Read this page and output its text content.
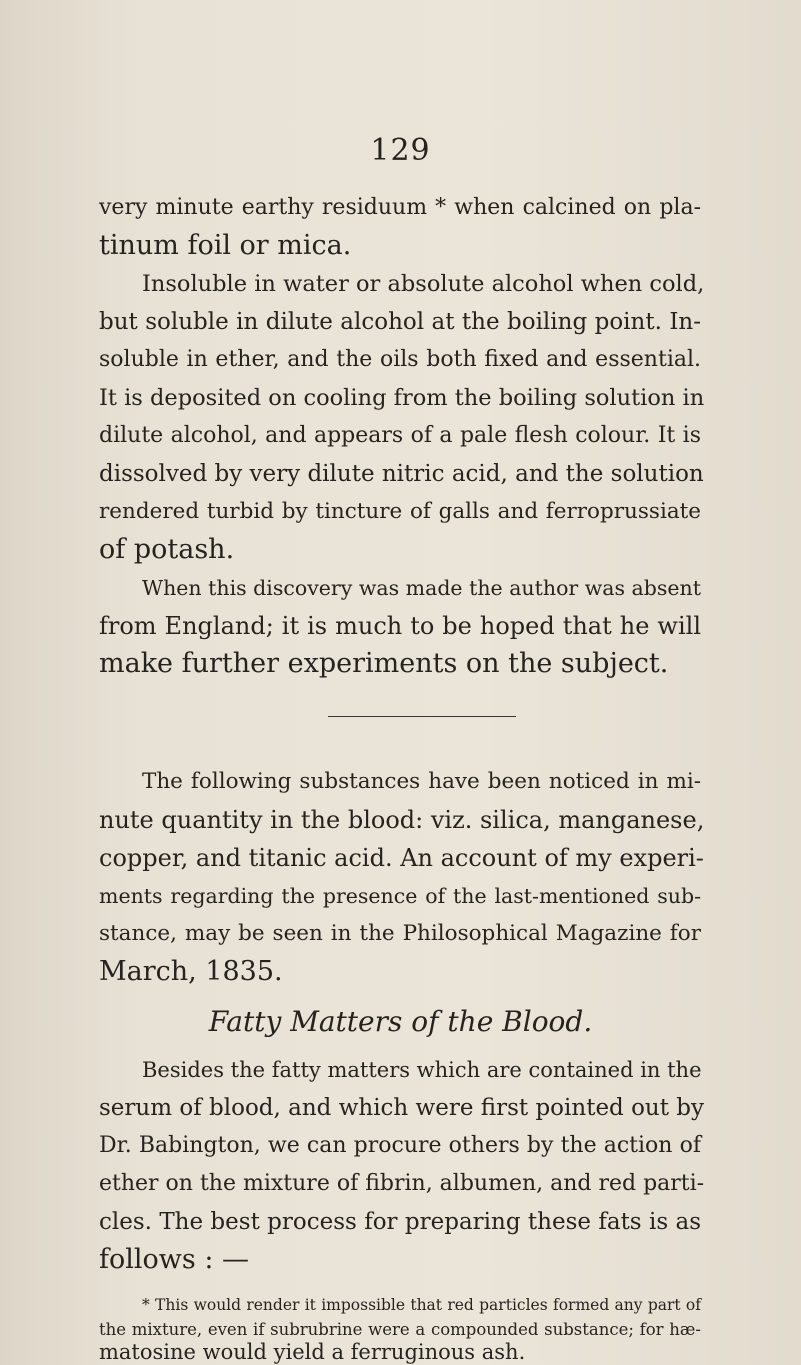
129
very minute earthy residuum * when calcined on pla-
tinum foil or mica.
Insoluble in water or absolute alcohol when cold,
but soluble in dilute alcohol at the boiling point. In-
soluble in ether, and the oils both fixed and essential.
It is deposited on cooling from the boiling solution in
dilute alcohol, and appears of a pale flesh colour. It is
dissolved by very dilute nitric acid, and the solution
rendered turbid by tincture of galls and ferroprussiate
of potash.
When this discovery was made the author was absent
from England; it is much to be hoped that he will
make further experiments on the subject.
The following substances have been noticed in mi-
nute quantity in the blood: viz. silica, manganese,
copper, and titanic acid. An account of my experi-
ments regarding the presence of the last-mentioned sub-
stance, may be seen in the Philosophical Magazine for
March, 1835.
Fatty Matters of the Blood.
Besides the fatty matters which are contained in the
serum of blood, and which were first pointed out by
Dr. Babington, we can procure others by the action of
ether on the mixture of fibrin, albumen, and red parti-
cles. The best process for preparing these fats is as
follows : —
* This would render it impossible that red particles formed any part of
the mixture, even if subrubrine were a compounded substance; for hæ-
matosine would yield a ferruginous ash.
